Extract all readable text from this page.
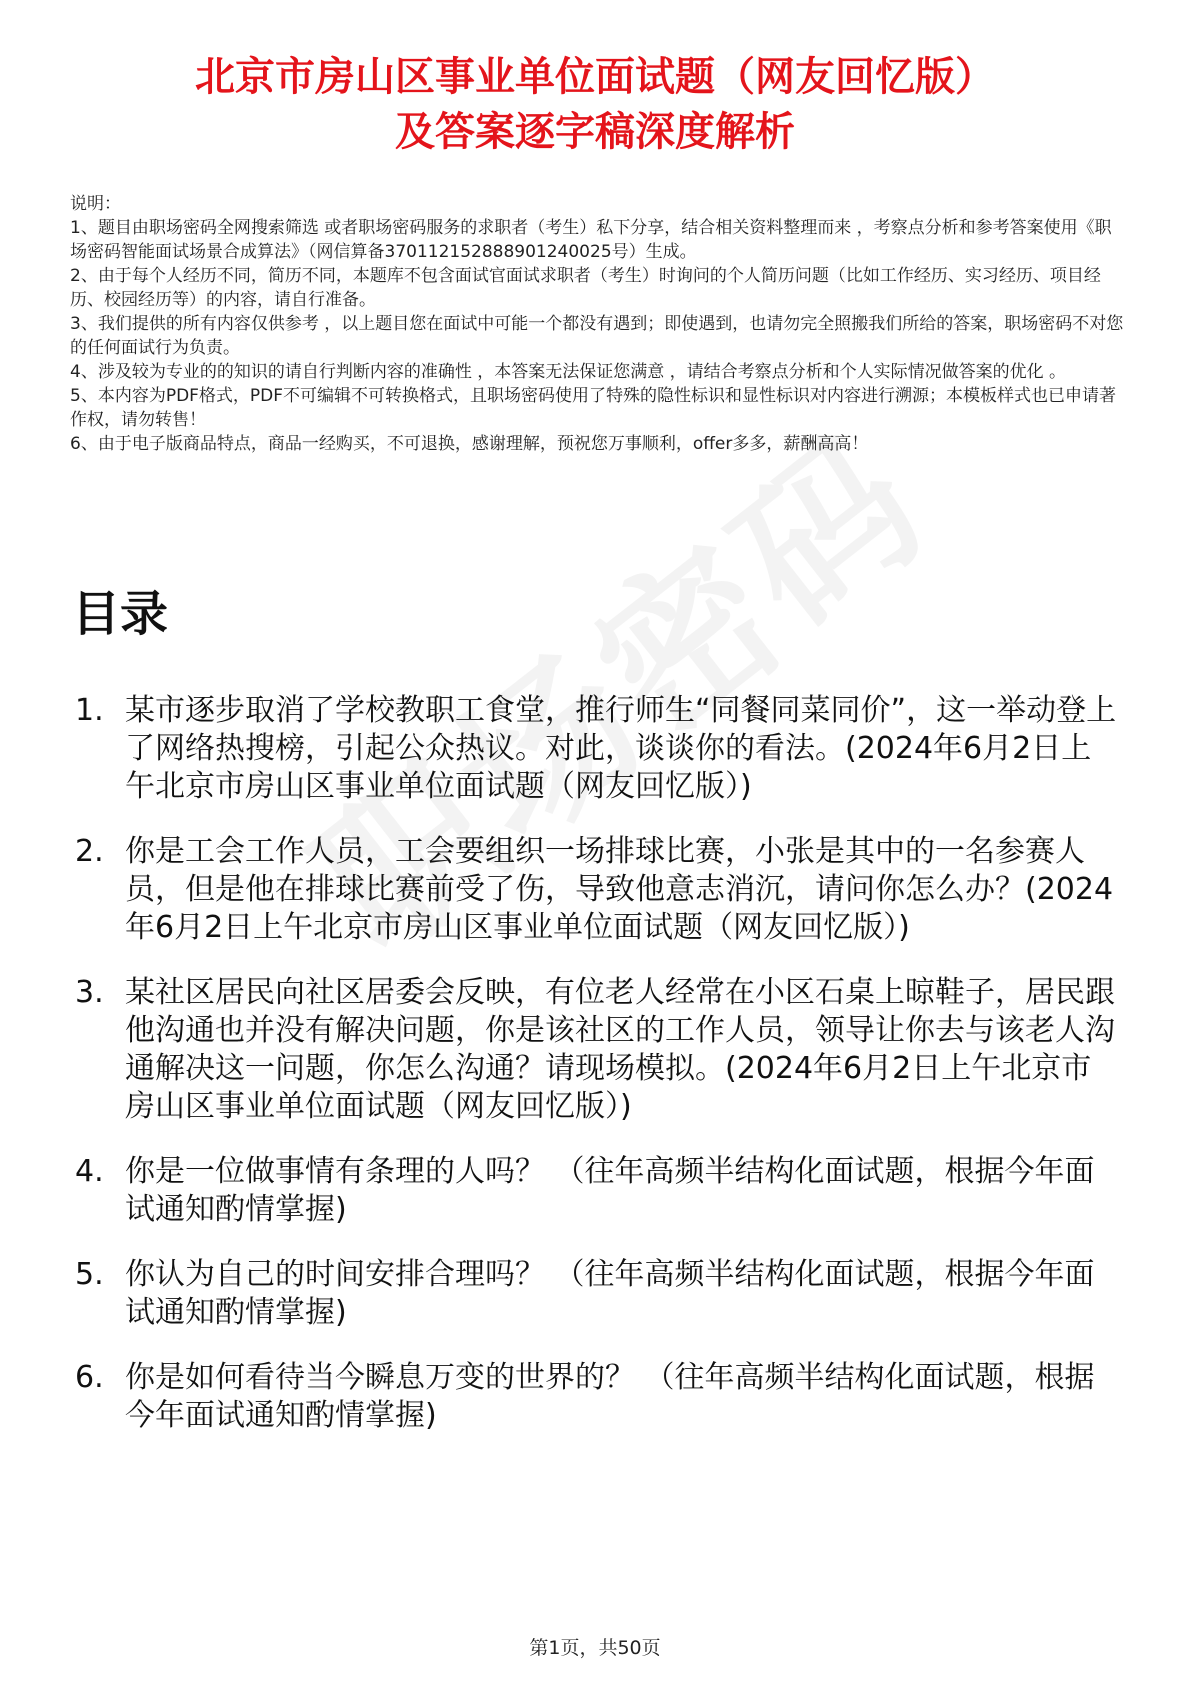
北京市房山区事业单位面试题（网友回忆版）
及答案逐字稿深度解析

说明：

1、题目由职场密码全网搜索筛选 或者职场密码服务的求职者（考生）私下分享，结合相关资料整理而来 ，考察点分析和参考答案使用《职场密码智能面试场景合成算法》（网信算备370112152888901240025号）生成。

2、由于每个人经历不同，简历不同，本题库不包含面试官面试求职者（考生）时询问的个人简历问题（比如工作经历、实习经历、项目经历、校园经历等）的内容，请自行准备。

3、我们提供的所有内容仅供参考 ，以上题目您在面试中可能一个都没有遇到；即使遇到，也请勿完全照搬我们所给的答案，职场密码不对您的任何面试行为负责。

4、涉及较为专业的的知识的请自行判断内容的准确性 ，本答案无法保证您满意 ，请结合考察点分析和个人实际情况做答案的优化 。

5、本内容为PDF格式，PDF不可编辑不可转换格式，且职场密码使用了特殊的隐性标识和显性标识对内容进行溯源；本模板样式也已申请著作权，请勿转售！

6、由于电子版商品特点，商品一经购买，不可退换，感谢理解，预祝您万事顺利，offer多多，薪酬高高！

目录
1. 某市逐步取消了学校教职工食堂，推行师生“同餐同菜同价”，这一举动登上了网络热搜榜，引起公众热议。对此，谈谈你的看法。(2024年6月2日上午北京市房山区事业单位面试题（网友回忆版）)
2. 你是工会工作人员，工会要组织一场排球比赛，小张是其中的一名参赛人员，但是他在排球比赛前受了伤，导致他意志消沉，请问你怎么办？(2024年6月2日上午北京市房山区事业单位面试题（网友回忆版）)
3. 某社区居民向社区居委会反映，有位老人经常在小区石桌上晾鞋子，居民跟他沟通也并没有解决问题，你是该社区的工作人员，领导让你去与该老人沟通解决这一问题，你怎么沟通？请现场模拟。(2024年6月2日上午北京市房山区事业单位面试题（网友回忆版）)
4. 你是一位做事情有条理的人吗？ （往年高频半结构化面试题，根据今年面试通知酌情掌握)
5. 你认为自己的时间安排合理吗？ （往年高频半结构化面试题，根据今年面试通知酌情掌握)
6. 你是如何看待当今瞬息万变的世界的？ （往年高频半结构化面试题，根据今年面试通知酌情掌握)
第1页，共50页
